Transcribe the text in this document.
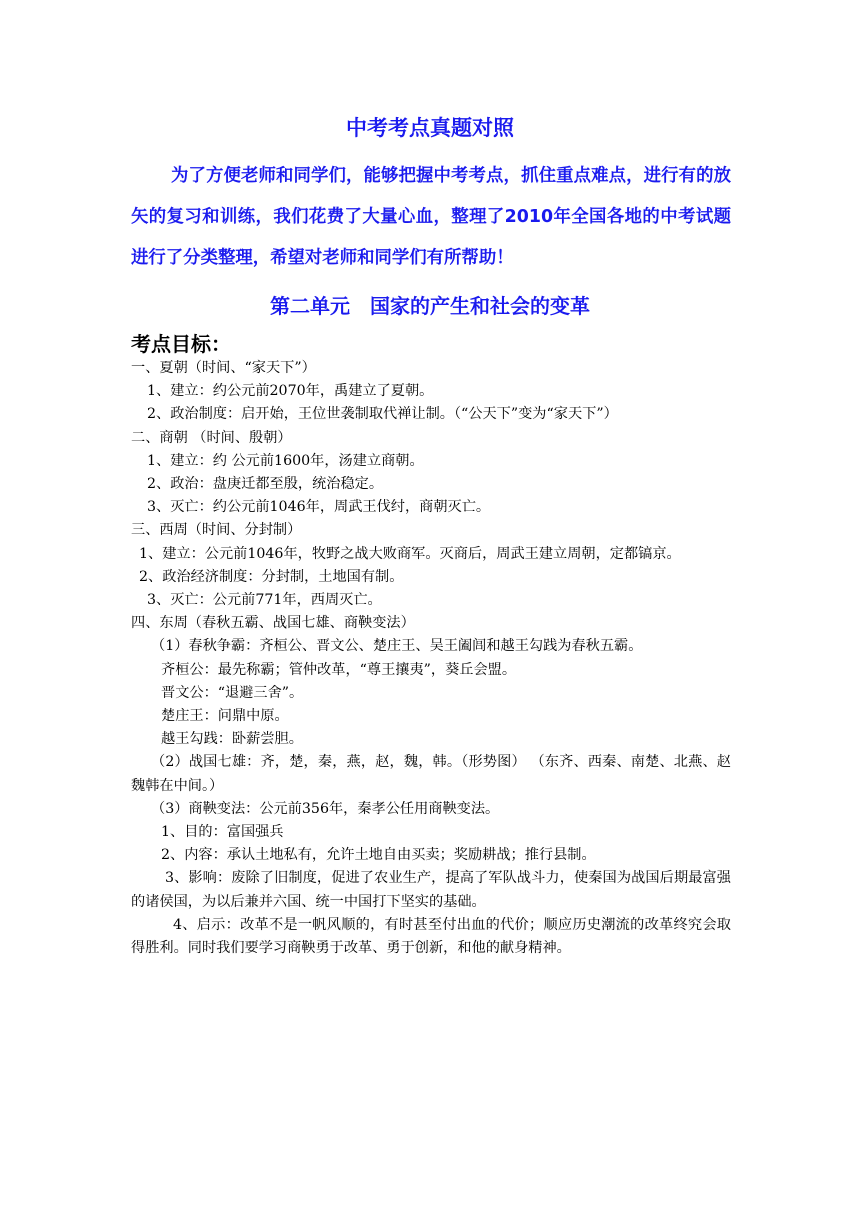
中考考点真题对照

为了方便老师和同学们，能够把握中考考点，抓住重点难点，进行有的放矢的复习和训练，我们花费了大量心血，整理了2010年全国各地的中考试题进行了分类整理，希望对老师和同学们有所帮助！

第二单元　国家的产生和社会的变革
考点目标：

一、夏朝（时间、“家天下”）

1、建立：约公元前2070年，禹建立了夏朝。

2、政治制度：启开始，王位世袭制取代禅让制。（“公天下”变为“家天下”）

二、商朝 （时间、殷朝）

1、建立：约 公元前1600年，汤建立商朝。

2、政治：盘庚迁都至殷，统治稳定。

3、灭亡：约公元前1046年，周武王伐纣，商朝灭亡。

三、西周（时间、分封制）

1、建立：公元前1046年，牧野之战大败商军。灭商后，周武王建立周朝，定都镐京。

2、政治经济制度：分封制，土地国有制。

3、灭亡：公元前771年，西周灭亡。

四、东周（春秋五霸、战国七雄、商鞅变法）

（1）春秋争霸：齐桓公、晋文公、楚庄王、吴王阖闾和越王勾践为春秋五霸。

齐桓公：最先称霸；管仲改革，“尊王攘夷”，葵丘会盟。

晋文公：“退避三舍”。

楚庄王：问鼎中原。

越王勾践：卧薪尝胆。

（2）战国七雄：齐，楚，秦，燕，赵，魏，韩。（形势图） （东齐、西秦、南楚、北燕、赵魏韩在中间。）

（3）商鞅变法：公元前356年，秦孝公任用商鞅变法。

1、目的：富国强兵

2、内容：承认土地私有，允许土地自由买卖；奖励耕战；推行县制。

3、影响：废除了旧制度，促进了农业生产，提高了军队战斗力，使秦国为战国后期最富强的诸侯国，为以后兼并六国、统一中国打下坚实的基础。

4、启示：改革不是一帆风顺的，有时甚至付出血的代价；顺应历史潮流的改革终究会取得胜利。同时我们要学习商鞅勇于改革、勇于创新，和他的献身精神。
